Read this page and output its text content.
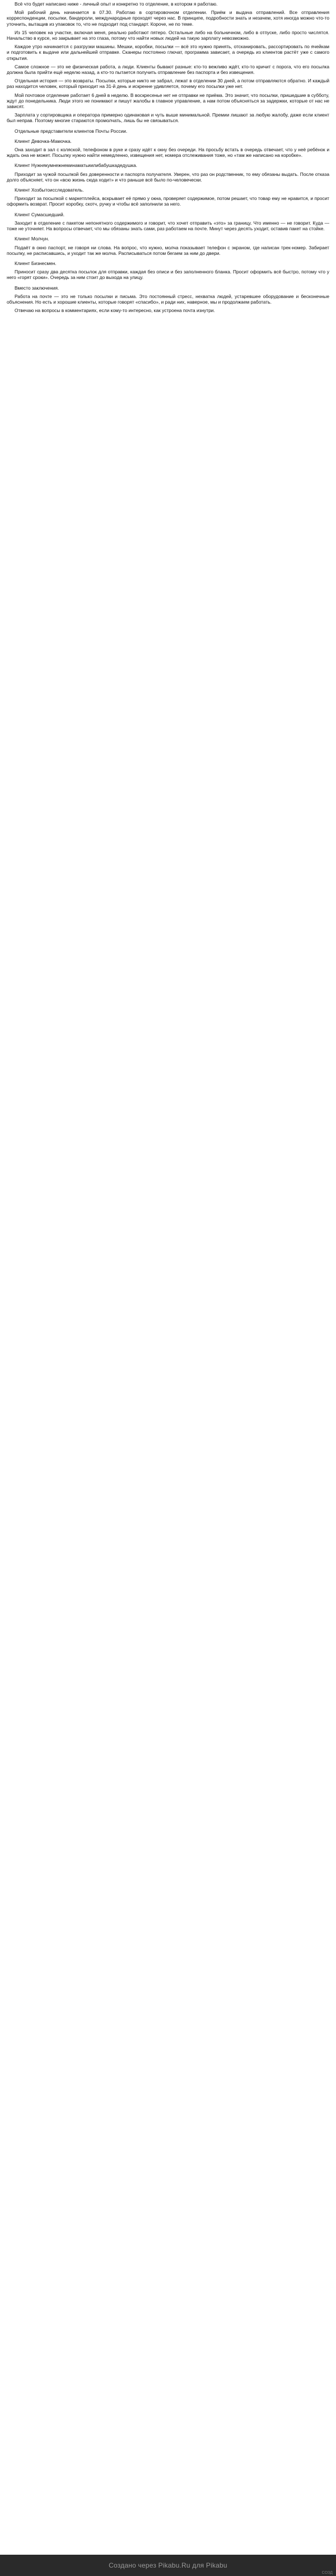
Всё что будет написано ниже - личный опыт и конкретно то отделение, в котором я работаю.

Мой рабочий день начинается в 07.30. Работаю в сортировочном отделении. Приём и выдача отправлений. Все отправления корреспонденции, посылки, бандероли, международные проходят через нас. В принципе, подробности знать и незачем, хотя иногда можно что-то уточнить, вытащив из упаковок то, что не подходит под стандарт. Короче, не по теме.

Из 15 человек на участке, включая меня, реально работают пятеро. Остальные либо на больничном, либо в отпуске, либо просто числятся. Начальство в курсе, но закрывает на это глаза, потому что найти новых людей на такую зарплату невозможно.

Каждое утро начинается с разгрузки машины. Мешки, коробки, посылки — всё это нужно принять, отсканировать, рассортировать по ячейкам и подготовить к выдаче или дальнейшей отправке. Сканеры постоянно глючат, программа зависает, а очередь из клиентов растёт уже с самого открытия.

Самое сложное — это не физическая работа, а люди. Клиенты бывают разные: кто-то вежливо ждёт, кто-то кричит с порога, что его посылка должна была прийти ещё неделю назад, а кто-то пытается получить отправление без паспорта и без извещения.

Отдельная история — это возвраты. Посылки, которые никто не забрал, лежат в отделении 30 дней, а потом отправляются обратно. И каждый раз находится человек, который приходит на 31-й день и искренне удивляется, почему его посылки уже нет.

Мой почтовое отделение работает 6 дней в неделю. В воскресенье нет не отправки не приёма. Это значит, что посылки, пришедшие в субботу, ждут до понедельника. Люди этого не понимают и пишут жалобы в главное управление, а нам потом объясняться за задержки, которые от нас не зависят.

Зарплата у сортировщика и оператора примерно одинаковая и чуть выше минимальной. Премии лишают за любую жалобу, даже если клиент был неправ. Поэтому многие стараются промолчать, лишь бы не связываться.

Отдельные представители клиентов Почты России.

Клиент Девочка-Мамочка.

Она заходит в зал с коляской, телефоном в руке и сразу идёт к окну без очереди. На просьбу встать в очередь отвечает, что у неё ребёнок и ждать она не может. Посылку нужно найти немедленно, извещения нет, номера отслеживания тоже, но «там же написано на коробке».

Клиент Нужнякумнежнеминаматьиилибабушкадедушка.

Приходит за чужой посылкой без доверенности и паспорта получателя. Уверен, что раз он родственник, то ему обязаны выдать. После отказа долго объясняет, что он «всю жизнь сюда ходит» и что раньше всё было по-человечески.

Клиент Хозбытоисследователь.

Приходит за посылкой с маркетплейса, вскрывает её прямо у окна, проверяет содержимое, потом решает, что товар ему не нравится, и просит оформить возврат. Просит коробку, скотч, ручку и чтобы всё заполнили за него.

Клиент Сумасшедший.

Заходит в отделение с пакетом непонятного содержимого и говорит, что хочет отправить «это» за границу. Что именно — не говорит. Куда — тоже не уточняет. На вопросы отвечает, что мы обязаны знать сами, раз работаем на почте. Минут через десять уходит, оставив пакет на стойке.

Клиент Молчун.

Подаёт в окно паспорт, не говоря ни слова. На вопрос, что нужно, молча показывает телефон с экраном, где написан трек-номер. Забирает посылку, не расписавшись, и уходит так же молча. Расписываться потом бегаем за ним до двери.

Клиент Бизнесмен.

Приносит сразу два десятка посылок для отправки, каждая без описи и без заполненного бланка. Просит оформить всё быстро, потому что у него «горят сроки». Очередь за ним стоит до выхода на улицу.

Вместо заключения.

Работа на почте — это не только посылки и письма. Это постоянный стресс, нехватка людей, устаревшее оборудование и бесконечные объяснения. Но есть и хорошие клиенты, которые говорят «спасибо», и ради них, наверное, мы и продолжаем работать.

Отвечаю на вопросы в комментариях, если кому-то интересно, как устроена почта изнутри.

Создано через Pikabu.Ru для Pikabu
СОЗД
